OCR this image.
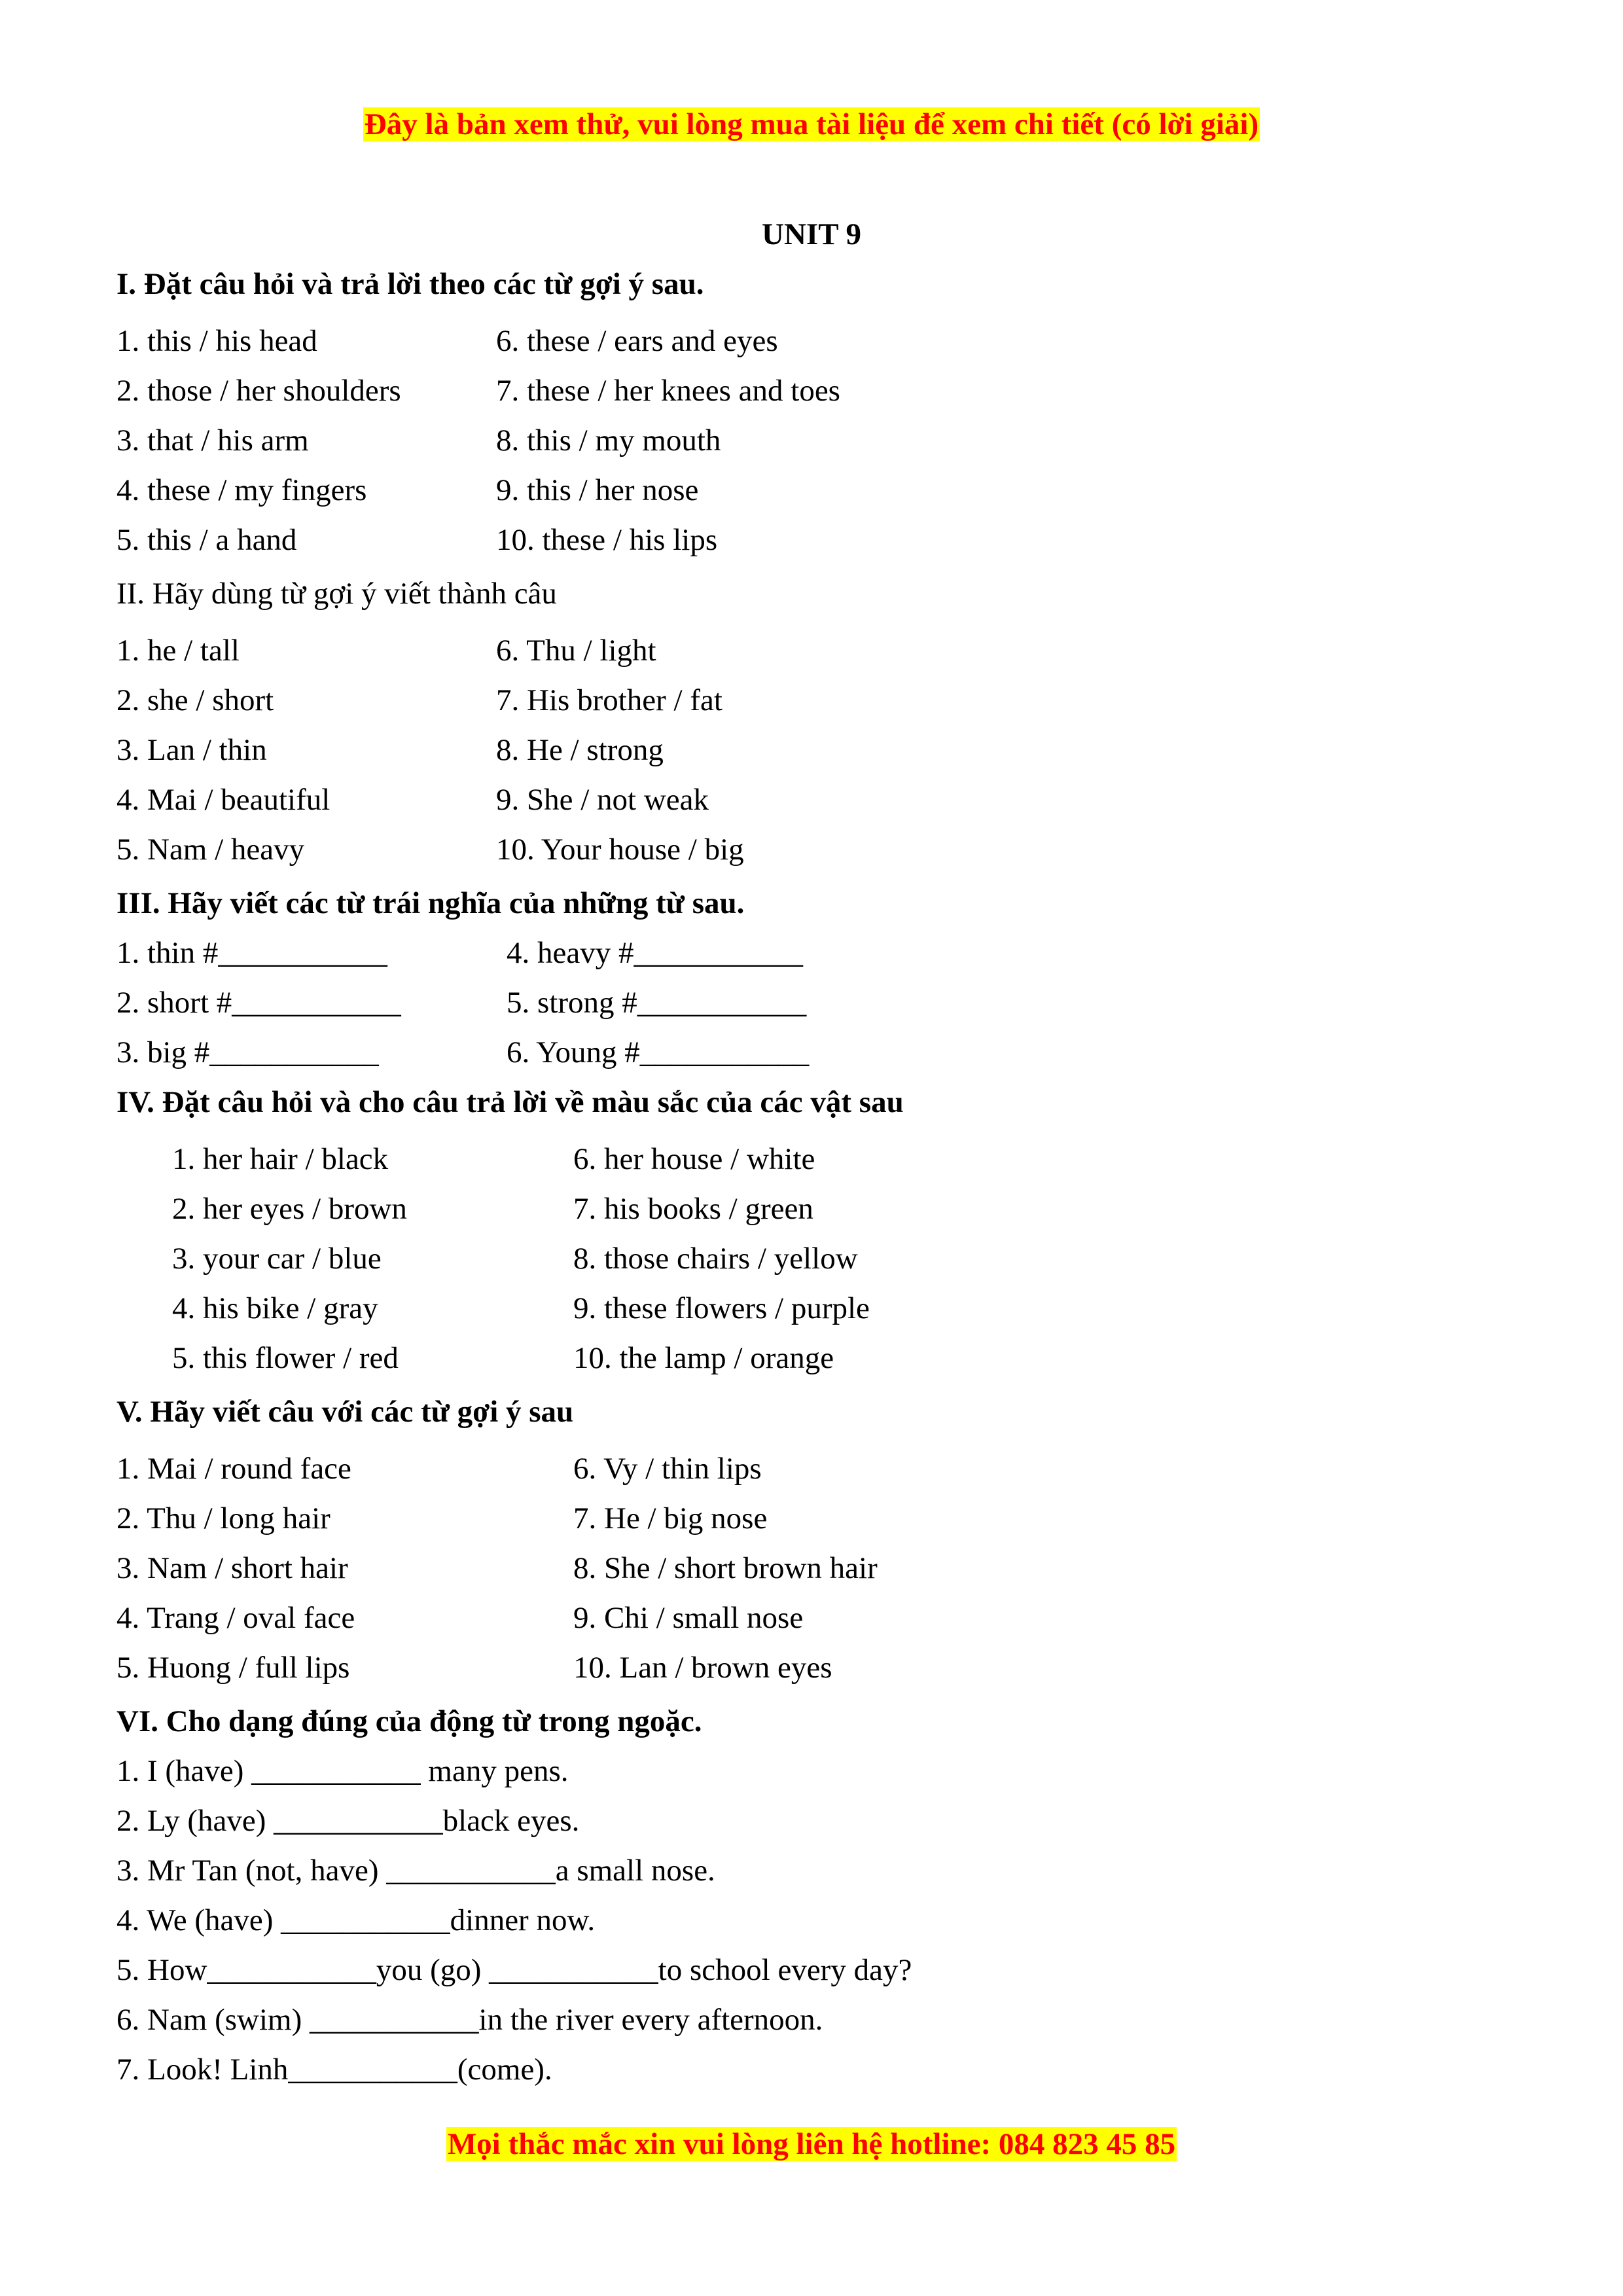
Đây là bản xem thử, vui lòng mua tài liệu để xem chi tiết (có lời giải)
UNIT 9
I. Đặt câu hỏi và trả lời theo các từ gợi ý sau.
1. this / his head
2. those / her shoulders
3. that / his arm
4. these / my fingers
5. this / a hand
6. these / ears and eyes
7. these / her knees and toes
8. this / my mouth
9. this / her nose
10. these / his lips
II. Hãy dùng từ gợi ý viết thành câu
1. he / tall
2. she / short
3. Lan / thin
4. Mai / beautiful
5. Nam / heavy
6. Thu / light
7. His brother / fat
8. He / strong
9. She / not weak
10. Your house / big
III. Hãy viết các từ trái nghĩa của những từ sau.
1. thin #___________
2. short #___________
3. big #___________
4. heavy #___________
5. strong #___________
6. Young #___________
IV. Đặt câu hỏi và cho câu trả lời về màu sắc của các vật sau
1. her hair / black
2. her eyes / brown
3. your car / blue
4. his bike / gray
5. this flower / red
6. her house / white
7. his books / green
8. those chairs / yellow
9. these flowers / purple
10. the lamp / orange
V. Hãy viết câu với các từ gợi ý sau
1. Mai / round face
2. Thu / long hair
3. Nam / short hair
4. Trang / oval face
5. Huong / full lips
6. Vy / thin lips
7. He / big nose
8. She / short brown hair
9. Chi / small nose
10. Lan / brown eyes
VI. Cho dạng đúng của động từ trong ngoặc.
1. I (have) ___________ many pens.
2. Ly (have) ___________black eyes.
3. Mr Tan (not, have) ___________a small nose.
4. We (have) ___________dinner now.
5. How___________you (go) ___________to school every day?
6. Nam (swim) ___________in the river every afternoon.
7. Look! Linh___________(come).
Mọi thắc mắc xin vui lòng liên hệ hotline: 084 823 45 85
